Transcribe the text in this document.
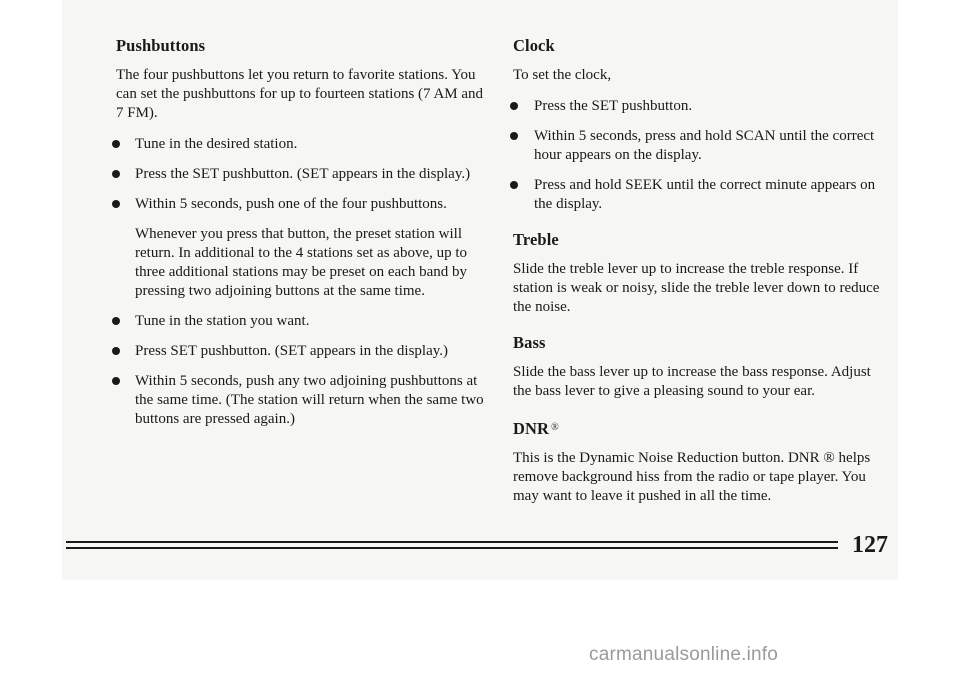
Pushbuttons

The four pushbuttons let you return to favorite stations. You can set the pushbuttons for up to fourteen stations (7 AM and 7 FM).

Tune in the desired station.
Press the SET pushbutton. (SET appears in the display.)
Within 5 seconds, push one of the four pushbuttons.
Whenever you press that button, the preset station will return. In additional to the 4 stations set as above, up to three additional stations may be preset on each band by pressing two adjoining buttons at the same time.
Tune in the station you want.
Press SET pushbutton. (SET appears in the display.)
Within 5 seconds, push any two adjoining pushbuttons at the same time. (The station will return when the same two buttons are pressed again.)
Clock

To set the clock,

Press the SET pushbutton.
Within 5 seconds, press and hold SCAN until the correct hour appears on the display.
Press and hold SEEK until the correct minute appears on the display.
Treble

Slide the treble lever up to increase the treble response. If station is weak or noisy, slide the treble lever down to reduce the noise.

Bass

Slide the bass lever up to increase the bass response. Adjust the bass lever to give a pleasing sound to your ear.

DNR ®

This is the Dynamic Noise Reduction button. DNR ® helps remove background hiss from the radio or tape player. You may want to leave it pushed in all the time.

127
carmanualsonline.info
